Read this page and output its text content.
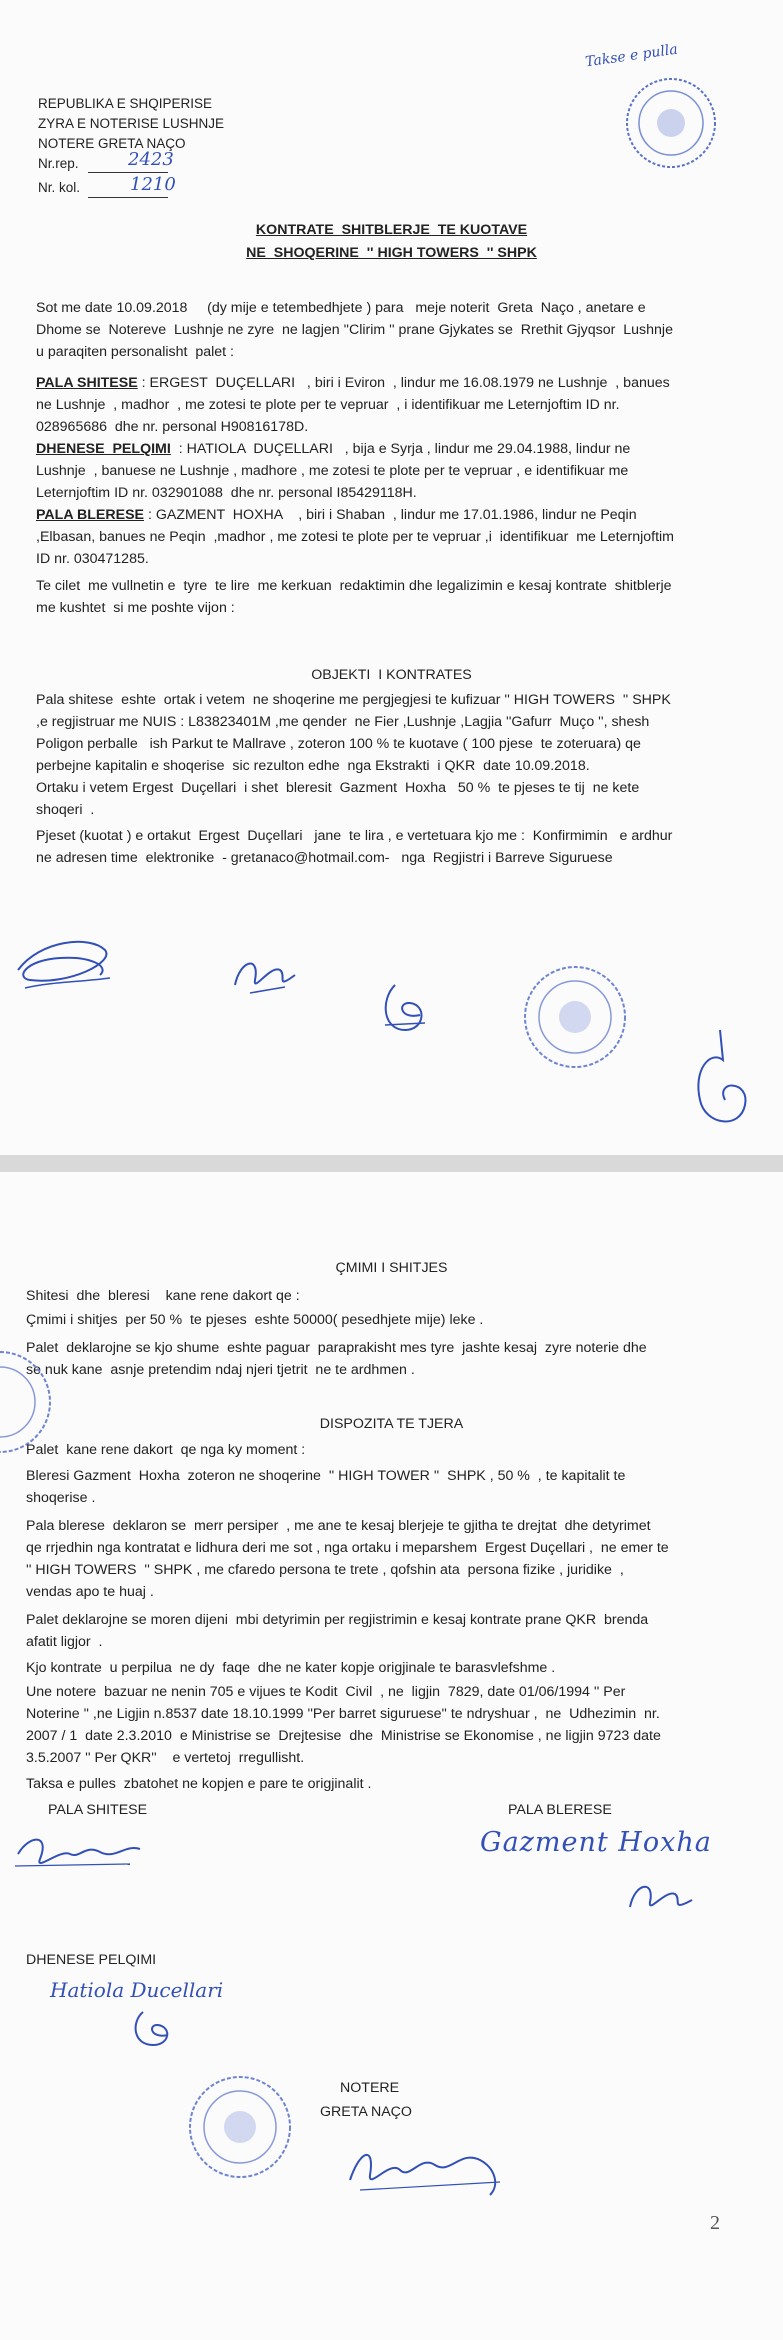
REPUBLIKA E SHQIPERISE
ZYRA E NOTERISE LUSHNJE
NOTERE GRETA NAÇO
Nr.rep.	2423
Nr. kol.	1210
Takse e pulla
KONTRATE  SHITBLERJE  TE KUOTAVE
NE  SHOQERINE  '' HIGH TOWERS  '' SHPK
Sot me date 10.09.2018     (dy mije e tetembedhjete ) para   meje noterit  Greta  Naço , anetare e
Dhome se  Notereve  Lushnje ne zyre  ne lagjen ''Clirim '' prane Gjykates se  Rrethit Gjyqsor  Lushnje
u paraqiten personalisht  palet :
PALA SHITESE : ERGEST  DUÇELLARI   , biri i Eviron  , lindur me 16.08.1979 ne Lushnje  , banues
ne Lushnje  , madhor  , me zotesi te plote per te vepruar  , i identifikuar me Leternjoftim ID nr.
028965686  dhe nr. personal H90816178D.
DHENESE  PELQIMI  : HATIOLA  DUÇELLARI   , bija e Syrja , lindur me 29.04.1988, lindur ne
Lushnje  , banuese ne Lushnje , madhore , me zotesi te plote per te vepruar , e identifikuar me
Leternjoftim ID nr. 032901088  dhe nr. personal I85429118H.
PALA BLERESE : GAZMENT  HOXHA    , biri i Shaban  , lindur me 17.01.1986, lindur ne Peqin
,Elbasan, banues ne Peqin  ,madhor , me zotesi te plote per te vepruar ,i  identifikuar  me Leternjoftim
ID nr. 030471285.
Te cilet  me vullnetin e  tyre  te lire  me kerkuan  redaktimin dhe legalizimin e kesaj kontrate  shitblerje
me kushtet  si me poshte vijon :
OBJEKTI  I KONTRATES
Pala shitese  eshte  ortak i vetem  ne shoqerine me pergjegjesi te kufizuar '' HIGH TOWERS  '' SHPK
,e regjistruar me NUIS : L83823401M ,me qender  ne Fier ,Lushnje ,Lagjia ''Gafurr  Muço '', shesh
Poligon perballe   ish Parkut te Mallrave , zoteron 100 % te kuotave ( 100 pjese  te zoteruara) qe
perbejne kapitalin e shoqerise  sic rezulton edhe  nga Ekstrakti  i QKR  date 10.09.2018.
Ortaku i vetem Ergest  Duçellari  i shet  bleresit  Gazment  Hoxha   50 %  te pjeses te tij  ne kete
shoqeri  .
Pjeset (kuotat ) e ortakut  Ergest  Duçellari   jane  te lira , e vertetuara kjo me :  Konfirmimin   e ardhur
ne adresen time  elektronike  - gretanaco@hotmail.com-   nga  Regjistri i Barreve Siguruese
ÇMIMI I SHITJES
Shitesi  dhe  bleresi    kane rene dakort qe :
Çmimi i shitjes  per 50 %  te pjeses  eshte 50000( pesedhjete mije) leke .
Palet  deklarojne se kjo shume  eshte paguar  paraprakisht mes tyre  jashte kesaj  zyre noterie dhe
se nuk kane  asnje pretendim ndaj njeri tjetrit  ne te ardhmen .
DISPOZITA TE TJERA
Palet  kane rene dakort  qe nga ky moment :
Bleresi Gazment  Hoxha  zoteron ne shoqerine  '' HIGH TOWER ''  SHPK , 50 %  , te kapitalit te
shoqerise .
Pala blerese  deklaron se  merr persiper  , me ane te kesaj blerjeje te gjitha te drejtat  dhe detyrimet
qe rrjedhin nga kontratat e lidhura deri me sot , nga ortaku i meparshem  Ergest Duçellari ,  ne emer te
'' HIGH TOWERS  '' SHPK , me cfaredo persona te trete , qofshin ata  persona fizike , juridike  ,
vendas apo te huaj .
Palet deklarojne se moren dijeni  mbi detyrimin per regjistrimin e kesaj kontrate prane QKR  brenda
afatit ligjor  .
Kjo kontrate  u perpilua  ne dy  faqe  dhe ne kater kopje origjinale te barasvlefshme .
Une notere  bazuar ne nenin 705 e vijues te Kodit  Civil  , ne  ligjin  7829, date 01/06/1994 '' Per
Noterine '' ,ne Ligjin n.8537 date 18.10.1999 ''Per barret siguruese'' te ndryshuar ,  ne  Udhezimin  nr.
2007 / 1  date 2.3.2010  e Ministrise se  Drejtesise  dhe  Ministrise se Ekonomise , ne ligjin 9723 date
3.5.2007 '' Per QKR''    e vertetoj  rregullisht.
Taksa e pulles  zbatohet ne kopjen e pare te origjinalit .
PALA SHITESE	PALA BLERESE
Gazment Hoxha
DHENESE PELQIMI
Hatiola Ducellari
NOTERE
GRETA NAÇO
2
